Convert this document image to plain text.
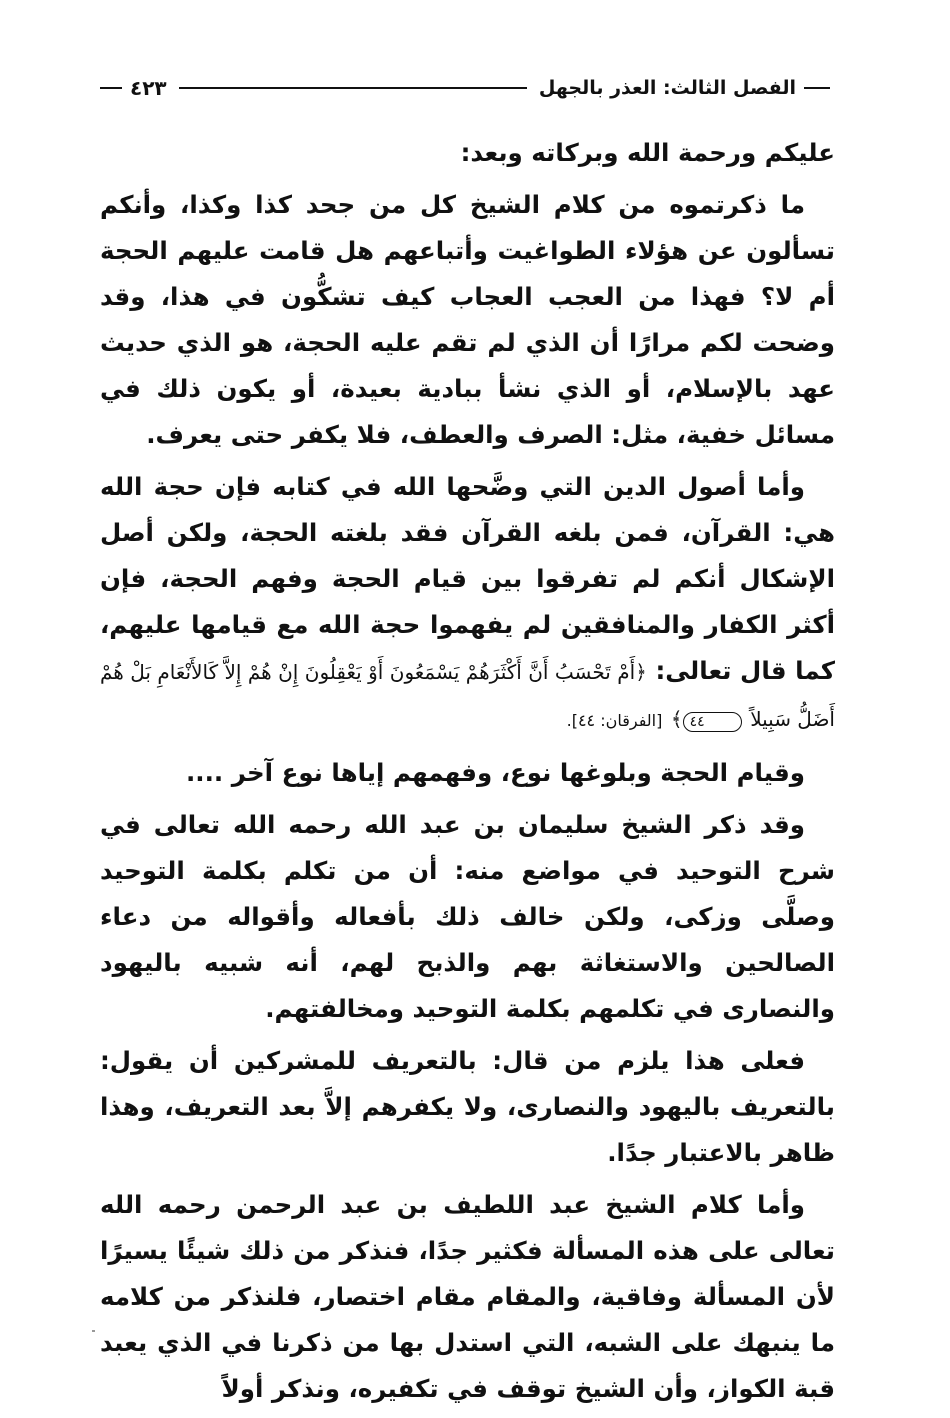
الفصل الثالث: العذر بالجهل
٤٢٣

عليكم ورحمة الله وبركاته وبعد:

ما ذكرتموه من كلام الشيخ كل من جحد كذا وكذا، وأنكم تسألون عن هؤلاء الطواغيت وأتباعهم هل قامت عليهم الحجة أم لا؟ فهذا من العجب العجاب كيف تشكُّون في هذا، وقد وضحت لكم مرارًا أن الذي لم تقم عليه الحجة، هو الذي حديث عهد بالإسلام، أو الذي نشأ ببادية بعيدة، أو يكون ذلك في مسائل خفية، مثل: الصرف والعطف، فلا يكفر حتى يعرف.

وأما أصول الدين التي وضَّحها الله في كتابه فإن حجة الله هي: القرآن، فمن بلغه القرآن فقد بلغته الحجة، ولكن أصل الإشكال أنكم لم تفرقوا بين قيام الحجة وفهم الحجة، فإن أكثر الكفار والمنافقين لم يفهموا حجة الله مع قيامها عليهم، كما قال تعالى: ﴿أَمْ تَحْسَبُ أَنَّ أَكْثَرَهُمْ يَسْمَعُونَ أَوْ يَعْقِلُونَ إِنْ هُمْ إِلاَّ كَالأَنْعَامِ بَلْ هُمْ أَضَلُّ سَبِيلاً ٤٤﴾ [الفرقان: ٤٤].

وقيام الحجة وبلوغها نوع، وفهمهم إياها نوع آخر ....

وقد ذكر الشيخ سليمان بن عبد الله رحمه الله تعالى في شرح التوحيد في مواضع منه: أن من تكلم بكلمة التوحيد وصلَّى وزكى، ولكن خالف ذلك بأفعاله وأقواله من دعاء الصالحين والاستغاثة بهم والذبح لهم، أنه شبيه باليهود والنصارى في تكلمهم بكلمة التوحيد ومخالفتهم.

فعلى هذا يلزم من قال: بالتعريف للمشركين أن يقول: بالتعريف باليهود والنصارى، ولا يكفرهم إلاَّ بعد التعريف، وهذا ظاهر بالاعتبار جدًا.

وأما كلام الشيخ عبد اللطيف بن عبد الرحمن رحمه الله تعالى على هذه المسألة فكثير جدًا، فنذكر من ذلك شيئًا يسيرًا لأن المسألة وفاقية، والمقام مقام اختصار، فلنذكر من كلامه ما ينبهك على الشبه، التي استدل بها من ذكرنا في الذي يعبد قبة الكواز، وأن الشيخ توقف في تكفيره، ونذكر أولاً
